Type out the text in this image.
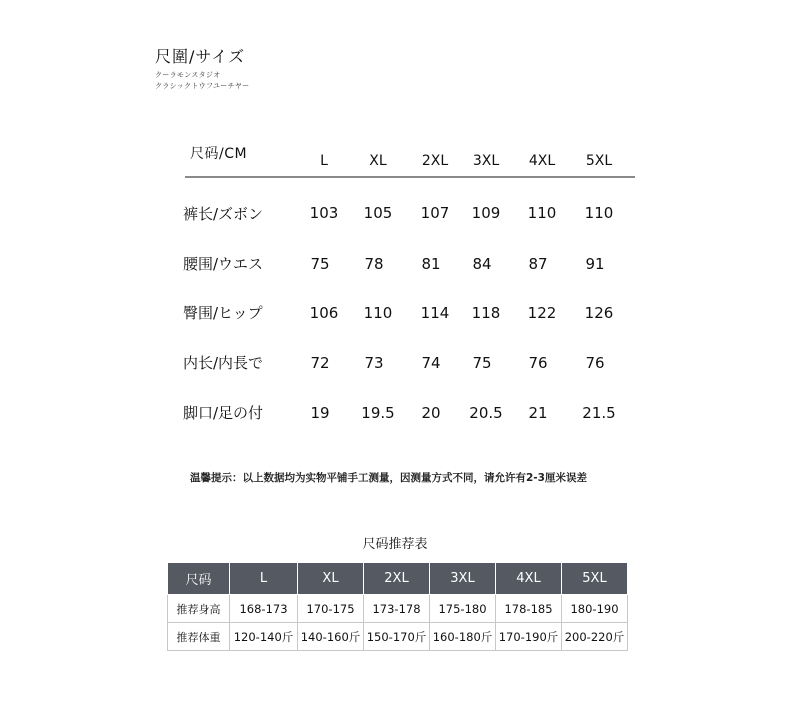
尺圍/サイズ
クーラモンスタジオ
クラシックトウフユーチヤー
尺码/CM	L	XL	2XL	3XL	4XL	5XL
裤长/ズボン	103	105	107	109	110	110
腰围/ウエス	75	78	81	84	87	91
臀围/ヒップ	106	110	114	118	122	126
内长/内長で	72	73	74	75	76	76
脚口/足の付	19	19.5	20	20.5	21	21.5
温馨提示：以上数据均为实物平铺手工测量，因测量方式不同，请允许有2-3厘米误差
尺码推荐表
尺码	L	XL	2XL	3XL	4XL	5XL
推荐身高	168-173	170-175	173-178	175-180	178-185	180-190
推荐体重	120-140斤	140-160斤	150-170斤	160-180斤	170-190斤	200-220斤
